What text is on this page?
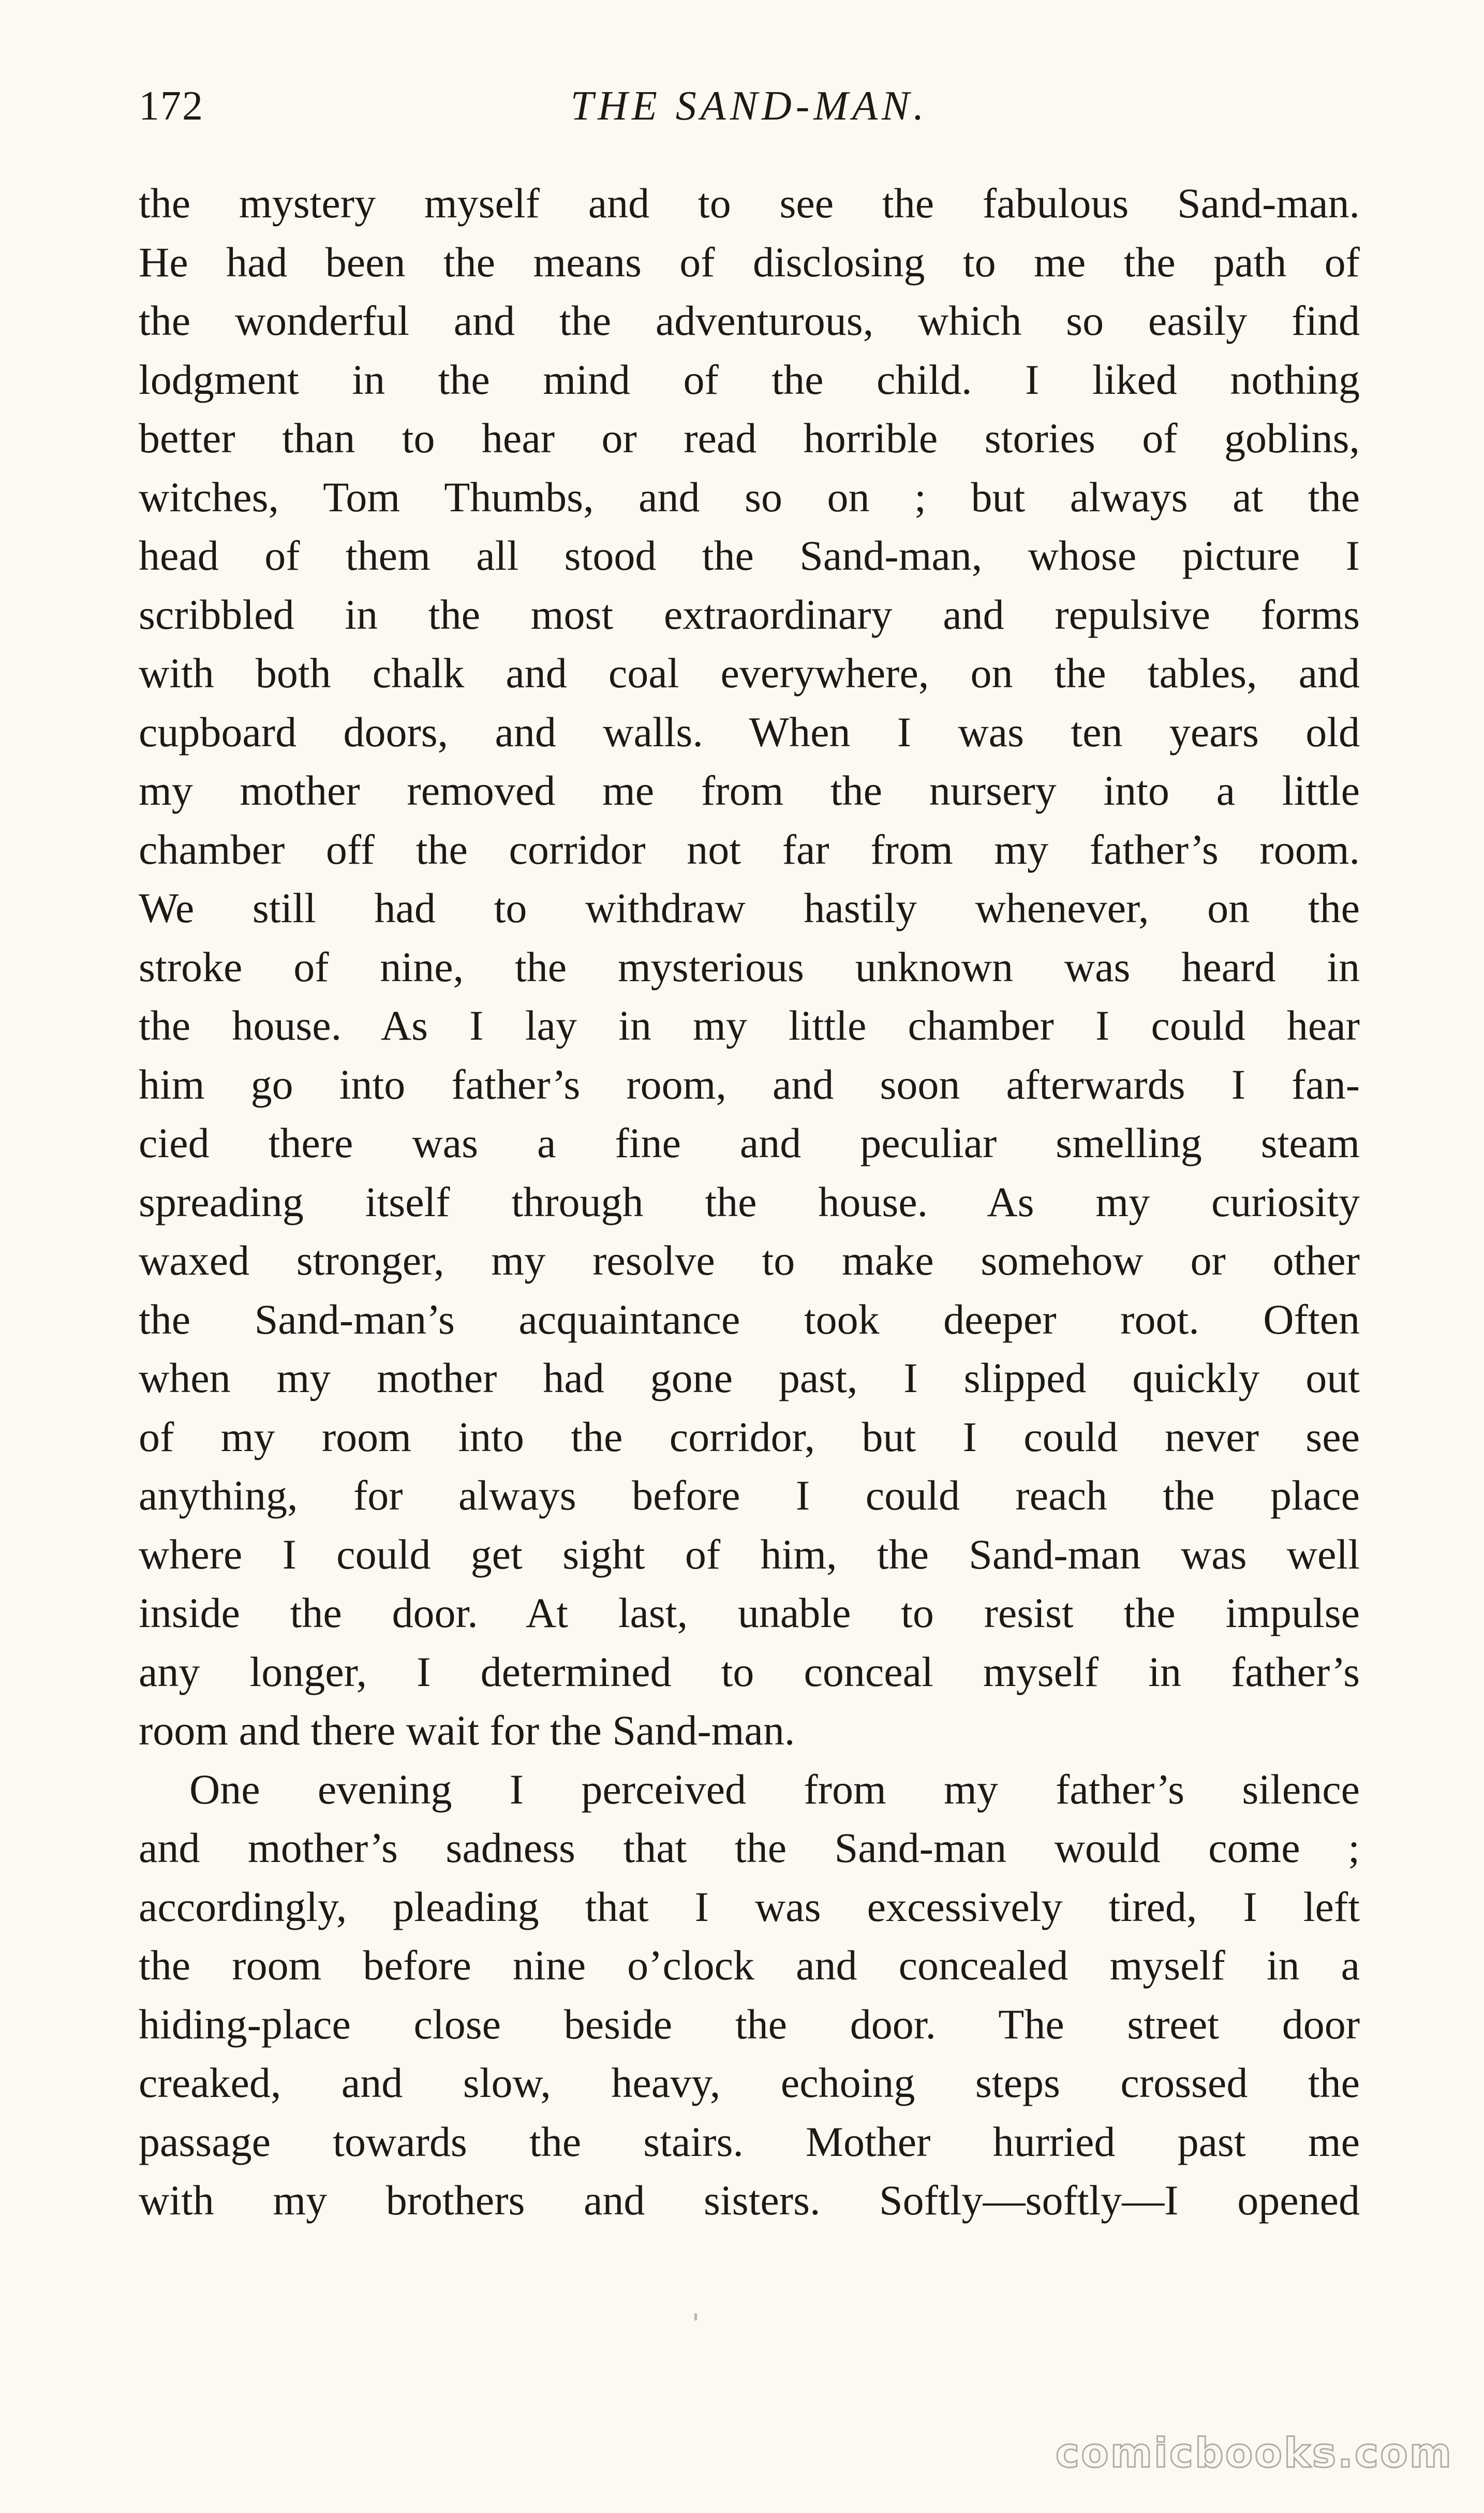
172	THE SAND-MAN.
the mystery myself and to see the fabulous Sand-man.
He had been the means of disclosing to me the path of
the wonderful and the adventurous, which so easily find
lodgment in the mind of the child. I liked nothing
better than to hear or read horrible stories of goblins,
witches, Tom Thumbs, and so on ; but always at the
head of them all stood the Sand-man, whose picture I
scribbled in the most extraordinary and repulsive forms
with both chalk and coal everywhere, on the tables, and
cupboard doors, and walls. When I was ten years old
my mother removed me from the nursery into a little
chamber off the corridor not far from my father’s room.
We still had to withdraw hastily whenever, on the
stroke of nine, the mysterious unknown was heard in
the house. As I lay in my little chamber I could hear
him go into father’s room, and soon afterwards I fan-
cied there was a fine and peculiar smelling steam
spreading itself through the house. As my curiosity
waxed stronger, my resolve to make somehow or other
the Sand-man’s acquaintance took deeper root. Often
when my mother had gone past, I slipped quickly out
of my room into the corridor, but I could never see
anything, for always before I could reach the place
where I could get sight of him, the Sand-man was well
inside the door. At last, unable to resist the impulse
any longer, I determined to conceal myself in father’s
room and there wait for the Sand-man.
One evening I perceived from my father’s silence
and mother’s sadness that the Sand-man would come ;
accordingly, pleading that I was excessively tired, I left
the room before nine o’clock and concealed myself in a
hiding-place close beside the door. The street door
creaked, and slow, heavy, echoing steps crossed the
passage towards the stairs. Mother hurried past me
with my brothers and sisters. Softly—softly—I opened
comicbooks.com
